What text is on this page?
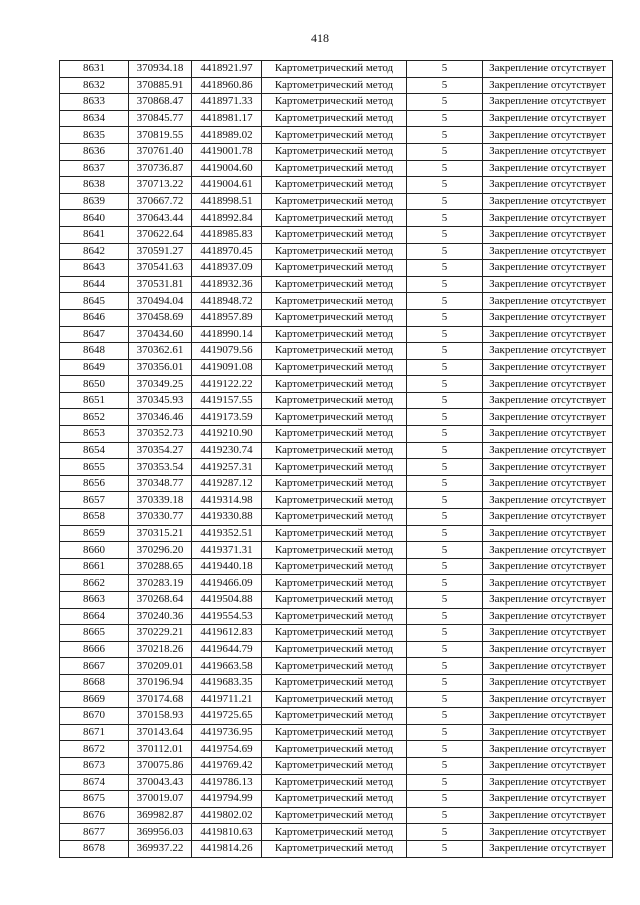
418
8631	370934.18	4418921.97	Картометрический метод	5	Закрепление отсутствует
8632	370885.91	4418960.86	Картометрический метод	5	Закрепление отсутствует
8633	370868.47	4418971.33	Картометрический метод	5	Закрепление отсутствует
8634	370845.77	4418981.17	Картометрический метод	5	Закрепление отсутствует
8635	370819.55	4418989.02	Картометрический метод	5	Закрепление отсутствует
8636	370761.40	4419001.78	Картометрический метод	5	Закрепление отсутствует
8637	370736.87	4419004.60	Картометрический метод	5	Закрепление отсутствует
8638	370713.22	4419004.61	Картометрический метод	5	Закрепление отсутствует
8639	370667.72	4418998.51	Картометрический метод	5	Закрепление отсутствует
8640	370643.44	4418992.84	Картометрический метод	5	Закрепление отсутствует
8641	370622.64	4418985.83	Картометрический метод	5	Закрепление отсутствует
8642	370591.27	4418970.45	Картометрический метод	5	Закрепление отсутствует
8643	370541.63	4418937.09	Картометрический метод	5	Закрепление отсутствует
8644	370531.81	4418932.36	Картометрический метод	5	Закрепление отсутствует
8645	370494.04	4418948.72	Картометрический метод	5	Закрепление отсутствует
8646	370458.69	4418957.89	Картометрический метод	5	Закрепление отсутствует
8647	370434.60	4418990.14	Картометрический метод	5	Закрепление отсутствует
8648	370362.61	4419079.56	Картометрический метод	5	Закрепление отсутствует
8649	370356.01	4419091.08	Картометрический метод	5	Закрепление отсутствует
8650	370349.25	4419122.22	Картометрический метод	5	Закрепление отсутствует
8651	370345.93	4419157.55	Картометрический метод	5	Закрепление отсутствует
8652	370346.46	4419173.59	Картометрический метод	5	Закрепление отсутствует
8653	370352.73	4419210.90	Картометрический метод	5	Закрепление отсутствует
8654	370354.27	4419230.74	Картометрический метод	5	Закрепление отсутствует
8655	370353.54	4419257.31	Картометрический метод	5	Закрепление отсутствует
8656	370348.77	4419287.12	Картометрический метод	5	Закрепление отсутствует
8657	370339.18	4419314.98	Картометрический метод	5	Закрепление отсутствует
8658	370330.77	4419330.88	Картометрический метод	5	Закрепление отсутствует
8659	370315.21	4419352.51	Картометрический метод	5	Закрепление отсутствует
8660	370296.20	4419371.31	Картометрический метод	5	Закрепление отсутствует
8661	370288.65	4419440.18	Картометрический метод	5	Закрепление отсутствует
8662	370283.19	4419466.09	Картометрический метод	5	Закрепление отсутствует
8663	370268.64	4419504.88	Картометрический метод	5	Закрепление отсутствует
8664	370240.36	4419554.53	Картометрический метод	5	Закрепление отсутствует
8665	370229.21	4419612.83	Картометрический метод	5	Закрепление отсутствует
8666	370218.26	4419644.79	Картометрический метод	5	Закрепление отсутствует
8667	370209.01	4419663.58	Картометрический метод	5	Закрепление отсутствует
8668	370196.94	4419683.35	Картометрический метод	5	Закрепление отсутствует
8669	370174.68	4419711.21	Картометрический метод	5	Закрепление отсутствует
8670	370158.93	4419725.65	Картометрический метод	5	Закрепление отсутствует
8671	370143.64	4419736.95	Картометрический метод	5	Закрепление отсутствует
8672	370112.01	4419754.69	Картометрический метод	5	Закрепление отсутствует
8673	370075.86	4419769.42	Картометрический метод	5	Закрепление отсутствует
8674	370043.43	4419786.13	Картометрический метод	5	Закрепление отсутствует
8675	370019.07	4419794.99	Картометрический метод	5	Закрепление отсутствует
8676	369982.87	4419802.02	Картометрический метод	5	Закрепление отсутствует
8677	369956.03	4419810.63	Картометрический метод	5	Закрепление отсутствует
8678	369937.22	4419814.26	Картометрический метод	5	Закрепление отсутствует
